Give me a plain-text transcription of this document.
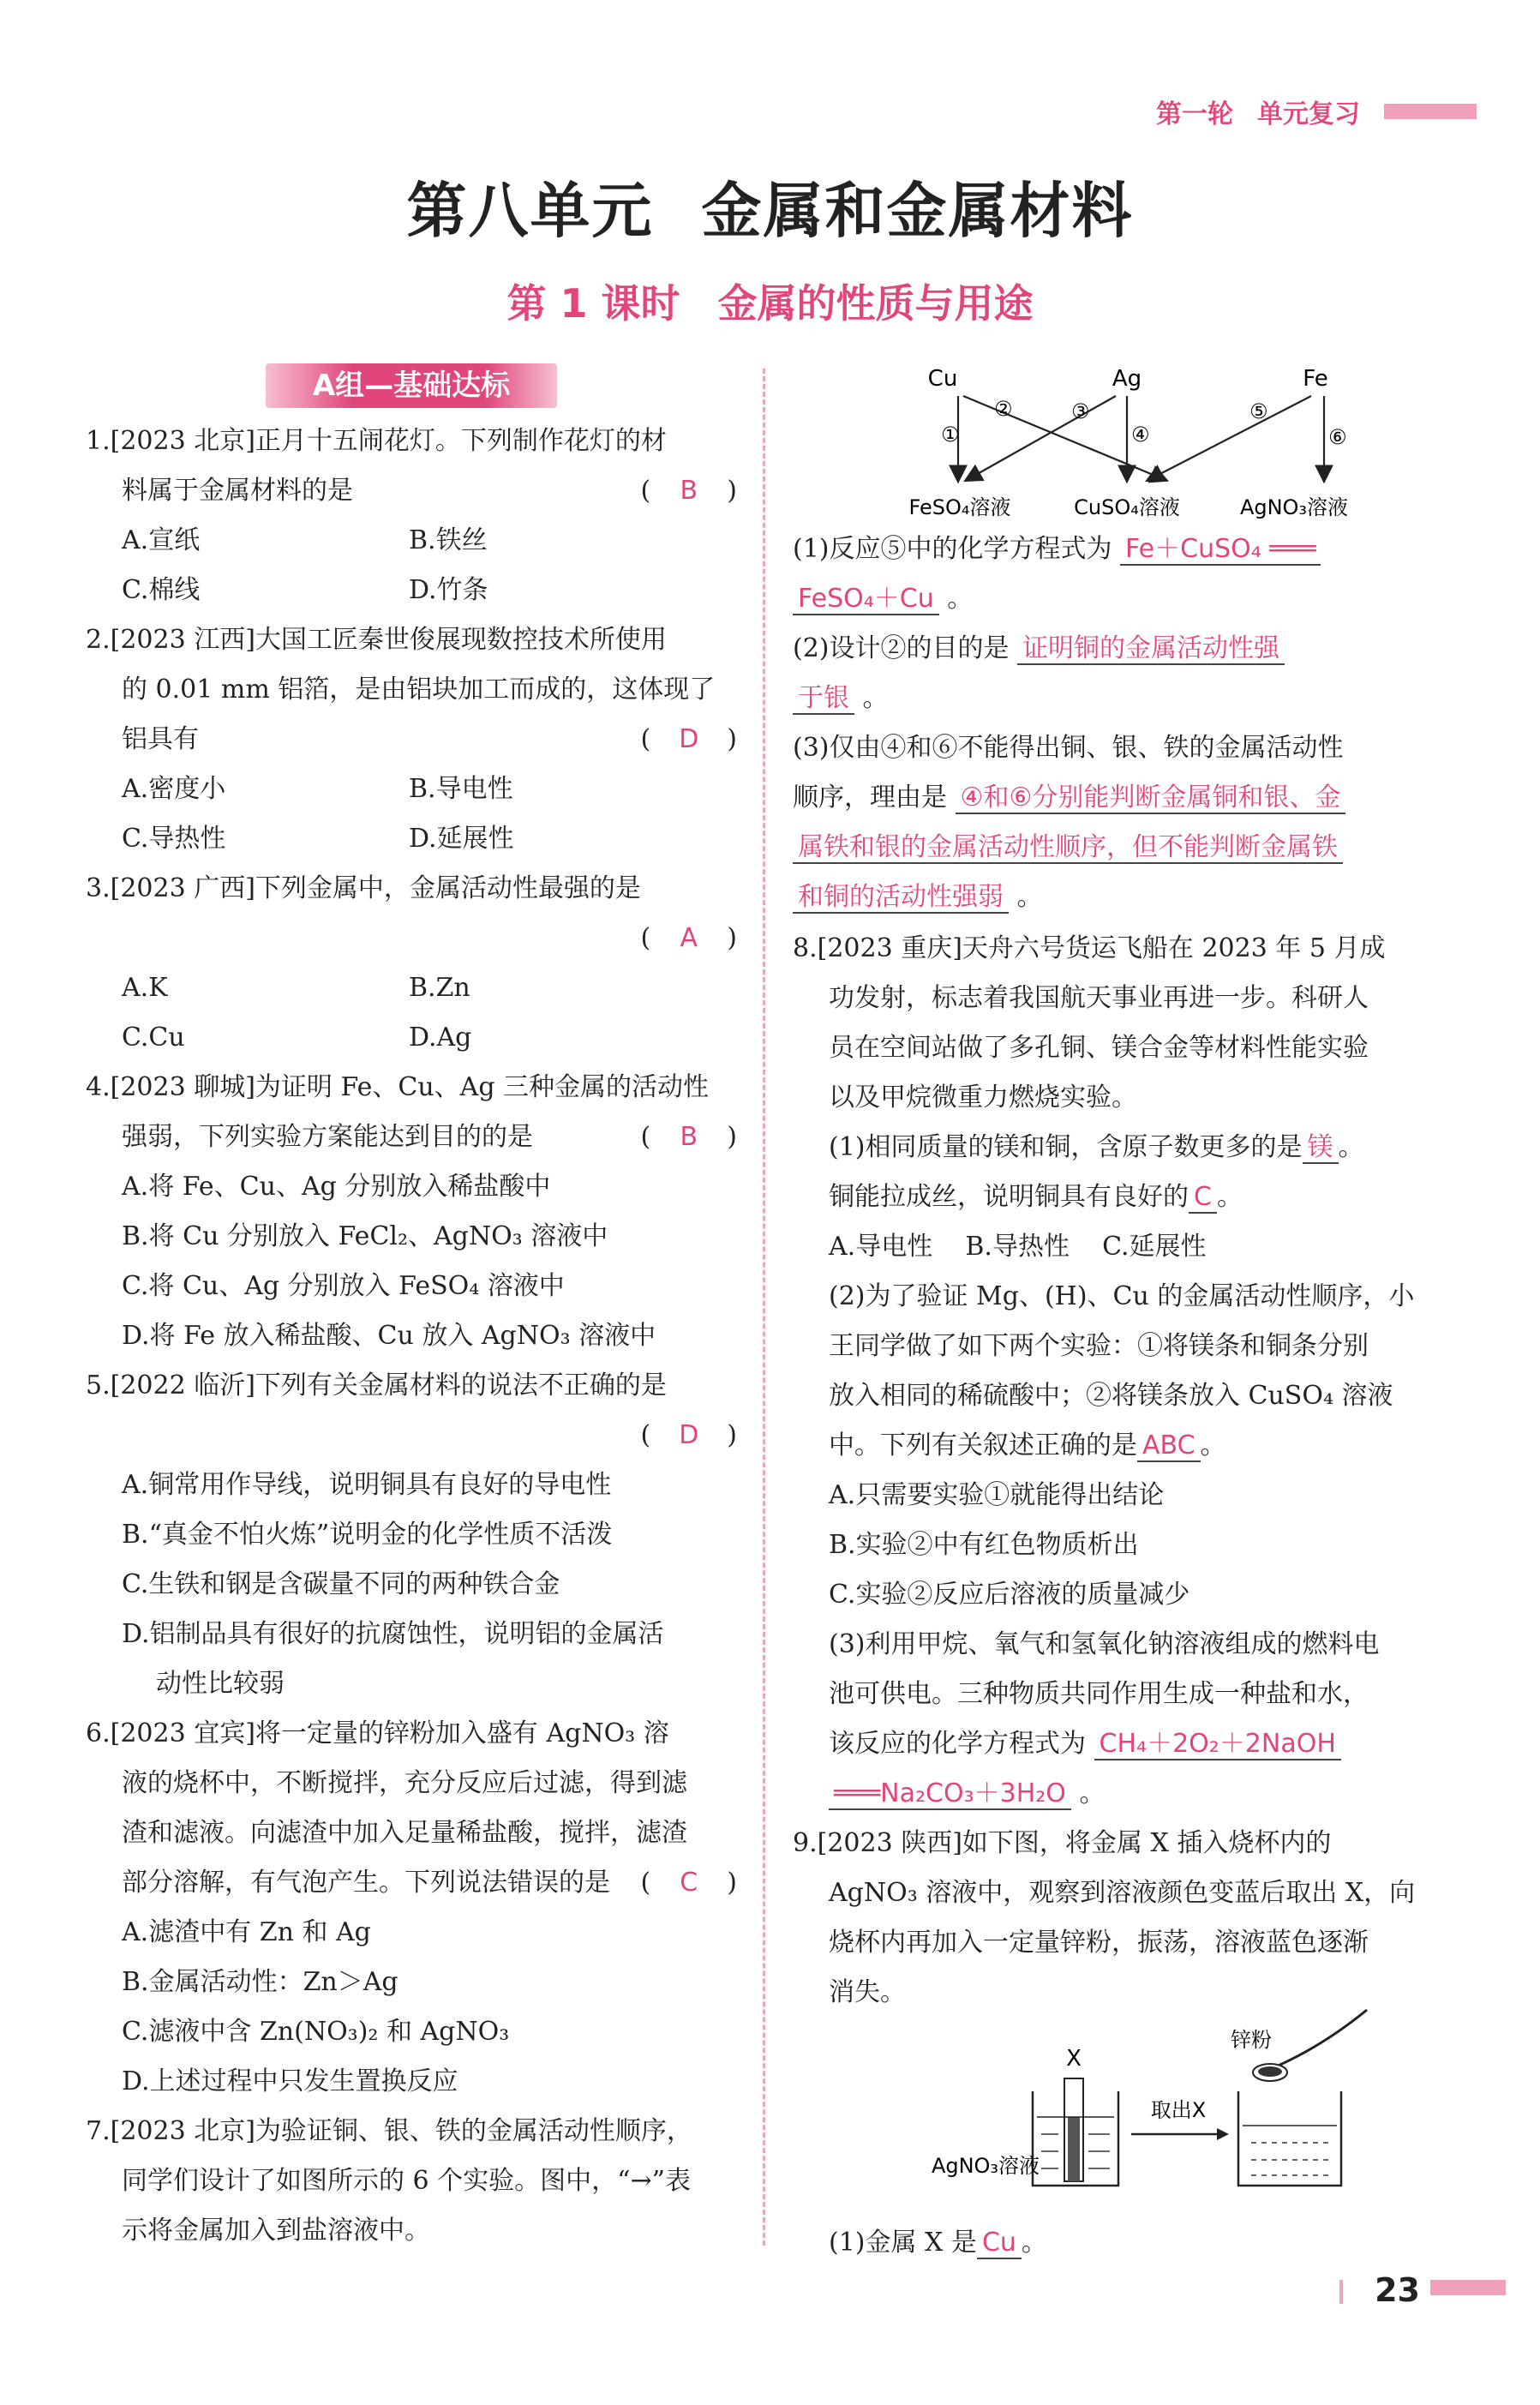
第一轮 单元复习
第八单元 金属和金属材料
第 1 课时 金属的性质与用途
A组—基础达标
1.[2023 北京]正月十五闹花灯。下列制作花灯的材
料属于金属材料的是	( B )
A.宣纸	B.铁丝
C.棉线	D.竹条
2.[2023 江西]大国工匠秦世俊展现数控技术所使用
的 0.01 mm 铝箔，是由铝块加工而成的，这体现了
铝具有	( D )
A.密度小	B.导电性
C.导热性	D.延展性
3.[2023 广西]下列金属中，金属活动性最强的是
( A )
A.K	B.Zn
C.Cu	D.Ag
4.[2023 聊城]为证明 Fe、Cu、Ag 三种金属的活动性
强弱，下列实验方案能达到目的的是	( B )
A.将 Fe、Cu、Ag 分别放入稀盐酸中
B.将 Cu 分别放入 FeCl₂、AgNO₃ 溶液中
C.将 Cu、Ag 分别放入 FeSO₄ 溶液中
D.将 Fe 放入稀盐酸、Cu 放入 AgNO₃ 溶液中
5.[2022 临沂]下列有关金属材料的说法不正确的是
( D )
A.铜常用作导线，说明铜具有良好的导电性
B.“真金不怕火炼”说明金的化学性质不活泼
C.生铁和钢是含碳量不同的两种铁合金
D.铝制品具有很好的抗腐蚀性，说明铝的金属活
动性比较弱
6.[2023 宜宾]将一定量的锌粉加入盛有 AgNO₃ 溶
液的烧杯中，不断搅拌，充分反应后过滤，得到滤
渣和滤液。向滤渣中加入足量稀盐酸，搅拌，滤渣
部分溶解，有气泡产生。下列说法错误的是 ( C )
A.滤渣中有 Zn 和 Ag
B.金属活动性：Zn＞Ag
C.滤液中含 Zn(NO₃)₂ 和 AgNO₃
D.上述过程中只发生置换反应
7.[2023 北京]为验证铜、银、铁的金属活动性顺序，
同学们设计了如图所示的 6 个实验。图中，“→”表
示将金属加入到盐溶液中。
Cu	Ag	Fe
①
②	③
④
⑤
⑥
FeSO₄溶液	CuSO₄溶液	AgNO₃溶液
(1)反应⑤中的化学方程式为 Fe＋CuSO₄ ═══
FeSO₄＋Cu 。
(2)设计②的目的是 证明铜的金属活动性强
于银 。
(3)仅由④和⑥不能得出铜、银、铁的金属活动性
顺序，理由是 ④和⑥分别能判断金属铜和银、金
属铁和银的金属活动性顺序，但不能判断金属铁
和铜的活动性强弱 。
8.[2023 重庆]天舟六号货运飞船在 2023 年 5 月成
功发射，标志着我国航天事业再进一步。科研人
员在空间站做了多孔铜、镁合金等材料性能实验
以及甲烷微重力燃烧实验。
(1)相同质量的镁和铜，含原子数更多的是 镁 。
铜能拉成丝，说明铜具有良好的 C 。
A.导电性 B.导热性 C.延展性
(2)为了验证 Mg、(H)、Cu 的金属活动性顺序，小
王同学做了如下两个实验：①将镁条和铜条分别
放入相同的稀硫酸中；②将镁条放入 CuSO₄ 溶液
中。下列有关叙述正确的是 ABC 。
A.只需要实验①就能得出结论
B.实验②中有红色物质析出
C.实验②反应后溶液的质量减少
(3)利用甲烷、氧气和氢氧化钠溶液组成的燃料电
池可供电。三种物质共同作用生成一种盐和水，
该反应的化学方程式为 CH₄＋2O₂＋2NaOH
═══Na₂CO₃＋3H₂O 。
9.[2023 陕西]如下图，将金属 X 插入烧杯内的
AgNO₃ 溶液中，观察到溶液颜色变蓝后取出 X，向
烧杯内再加入一定量锌粉，振荡，溶液蓝色逐渐
消失。
X
AgNO₃溶液
取出X
锌粉
(1)金属 X 是 Cu 。
23
